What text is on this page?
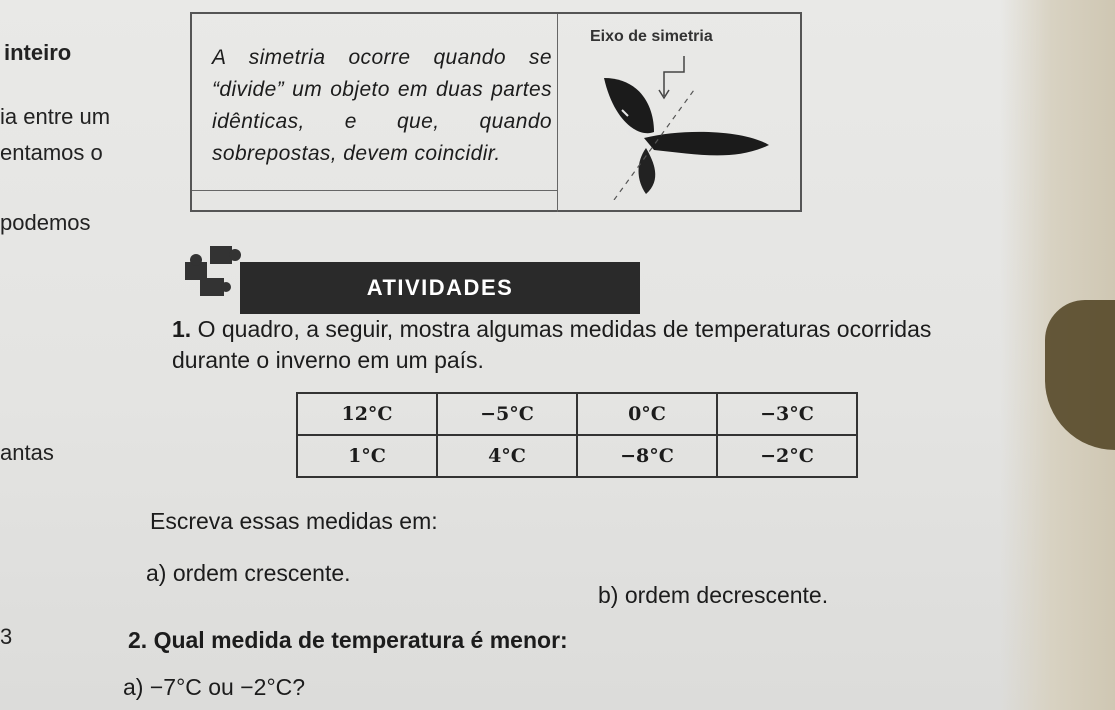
inteiro
ia entre um
entamos o
podemos
antas
3
A simetria ocorre quando se “divide” um objeto em duas partes idênticas, e que, quando sobrepostas, devem coincidir.
Eixo de simetria
ATIVIDADES
1. O quadro, a seguir, mostra algumas medidas de temperaturas ocorridas durante o inverno em um país.
12°C	−5°C	0°C	−3°C
1°C	4°C	−8°C	−2°C
Escreva essas medidas em:
a) ordem crescente.
b) ordem decrescente.
2. Qual medida de temperatura é menor:
a) −7°C ou −2°C?
